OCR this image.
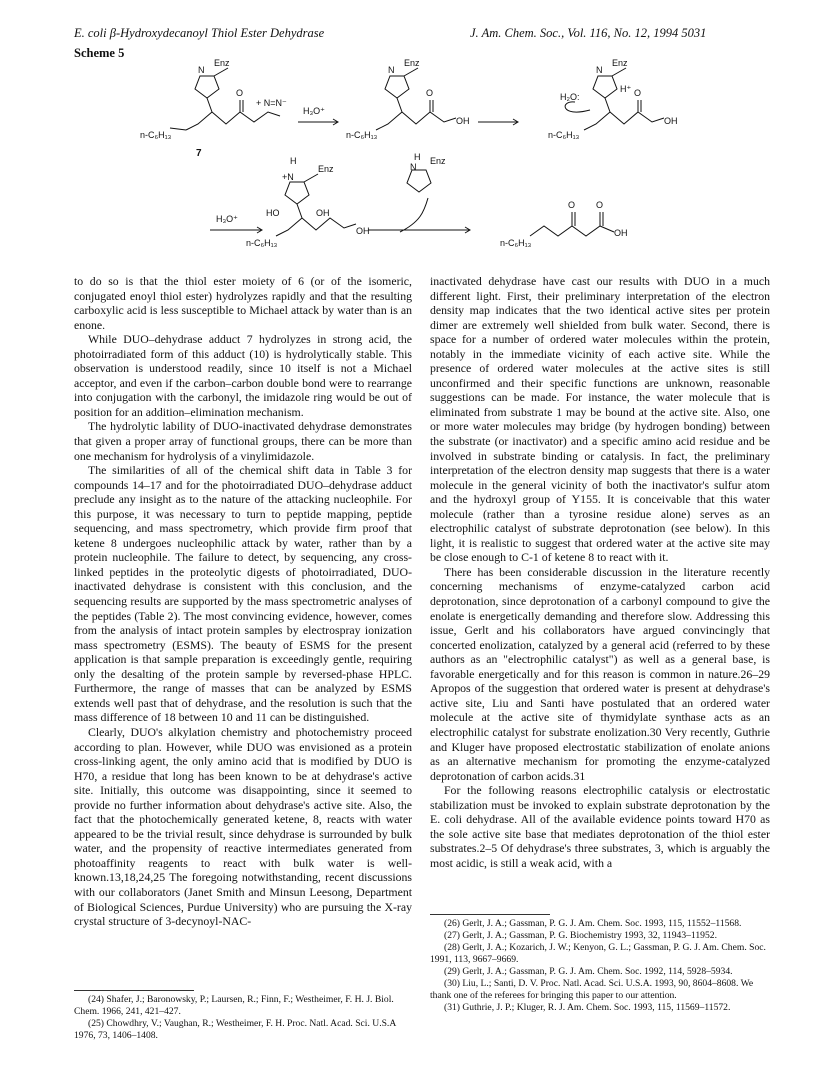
E. coli β-Hydroxydecanoyl Thiol Ester Dehydrase	J. Am. Chem. Soc., Vol. 116, No. 12, 1994 5031
Scheme 5
N
Enz
O
+ N=N⁻
n-C₆H₁₃
7
H₃O⁺
N
Enz
O
OH
n-C₆H₁₃
N
Enz
H⁺ O
OH
H₂O:
n-C₆H₁₃
H₃O⁺
H
+N
Enz
HO	OH
OH
n-C₆H₁₃
H
N
Enz
O O
OH
n-C₆H₁₃

to do so is that the thiol ester moiety of 6 (or of the isomeric, conjugated enoyl thiol ester) hydrolyzes rapidly and that the resulting carboxylic acid is less susceptible to Michael attack by water than is an enone.

While DUO–dehydrase adduct 7 hydrolyzes in strong acid, the photoirradiated form of this adduct (10) is hydrolytically stable. This observation is understood readily, since 10 itself is not a Michael acceptor, and even if the carbon–carbon double bond were to rearrange into conjugation with the carbonyl, the imidazole ring would be out of position for an addition–elimination mechanism.

The hydrolytic lability of DUO-inactivated dehydrase demonstrates that given a proper array of functional groups, there can be more than one mechanism for hydrolysis of a vinylimidazole.

The similarities of all of the chemical shift data in Table 3 for compounds 14–17 and for the photoirradiated DUO–dehydrase adduct preclude any insight as to the nature of the attacking nucleophile. For this purpose, it was necessary to turn to peptide mapping, peptide sequencing, and mass spectrometry, which provide firm proof that ketene 8 undergoes nucleophilic attack by water, rather than by a protein nucleophile. The failure to detect, by sequencing, any cross-linked peptides in the proteolytic digests of photoirradiated, DUO-inactivated dehydrase is consistent with this conclusion, and the sequencing results are supported by the mass spectrometric analyses of the peptides (Table 2). The most convincing evidence, however, comes from the analysis of intact protein samples by electrospray ionization mass spectrometry (ESMS). The beauty of ESMS for the present application is that sample preparation is exceedingly gentle, requiring only the desalting of the protein sample by reversed-phase HPLC. Furthermore, the range of masses that can be analyzed by ESMS extends well past that of dehydrase, and the resolution is such that the mass difference of 18 between 10 and 11 can be distinguished.

Clearly, DUO's alkylation chemistry and photochemistry proceed according to plan. However, while DUO was envisioned as a protein cross-linking agent, the only amino acid that is modified by DUO is H70, a residue that long has been known to be at dehydrase's active site. Initially, this outcome was disappointing, since it seemed to provide no further information about dehydrase's active site. Also, the fact that the photochemically generated ketene, 8, reacts with water appeared to be the trivial result, since dehydrase is surrounded by bulk water, and the propensity of reactive intermediates generated from photoaffinity reagents to react with bulk water is well-known.13,18,24,25 The foregoing notwithstanding, recent discussions with our collaborators (Janet Smith and Minsun Leesong, Department of Biological Sciences, Purdue University) who are pursuing the X-ray crystal structure of 3-decynoyl-NAC-

inactivated dehydrase have cast our results with DUO in a much different light. First, their preliminary interpretation of the electron density map indicates that the two identical active sites per protein dimer are extremely well shielded from bulk water. Second, there is space for a number of ordered water molecules within the protein, notably in the immediate vicinity of each active site. While the presence of ordered water molecules at the active sites is still unconfirmed and their specific functions are unknown, reasonable suggestions can be made. For instance, the water molecule that is eliminated from substrate 1 may be bound at the active site. Also, one or more water molecules may bridge (by hydrogen bonding) between the substrate (or inactivator) and a specific amino acid residue and be involved in substrate binding or catalysis. In fact, the preliminary interpretation of the electron density map suggests that there is a water molecule in the general vicinity of both the inactivator's sulfur atom and the hydroxyl group of Y155. It is conceivable that this water molecule (rather than a tyrosine residue alone) serves as an electrophilic catalyst of substrate deprotonation (see below). In this light, it is realistic to suggest that ordered water at the active site may be close enough to C-1 of ketene 8 to react with it.

There has been considerable discussion in the literature recently concerning mechanisms of enzyme-catalyzed carbon acid deprotonation, since deprotonation of a carbonyl compound to give the enolate is energetically demanding and therefore slow. Addressing this issue, Gerlt and his collaborators have argued convincingly that concerted enolization, catalyzed by a general acid (referred to by these authors as an "electrophilic catalyst") as well as a general base, is favorable energetically and for this reason is common in nature.26–29 Apropos of the suggestion that ordered water is present at dehydrase's active site, Liu and Santi have postulated that an ordered water molecule at the active site of thymidylate synthase acts as an electrophilic catalyst for substrate enolization.30 Very recently, Guthrie and Kluger have proposed electrostatic stabilization of enolate anions as an alternative mechanism for promoting the enzyme-catalyzed deprotonation of carbon acids.31

For the following reasons electrophilic catalysis or electrostatic stabilization must be invoked to explain substrate deprotonation by the E. coli dehydrase. All of the available evidence points toward H70 as the sole active site base that mediates deprotonation of the thiol ester substrates.2–5 Of dehydrase's three substrates, 3, which is arguably the most acidic, is still a weak acid, with a

(24) Shafer, J.; Baronowsky, P.; Laursen, R.; Finn, F.; Westheimer, F. H. J. Biol. Chem. 1966, 241, 421–427.
(25) Chowdhry, V.; Vaughan, R.; Westheimer, F. H. Proc. Natl. Acad. Sci. U.S.A 1976, 73, 1406–1408.
(26) Gerlt, J. A.; Gassman, P. G. J. Am. Chem. Soc. 1993, 115, 11552–11568.
(27) Gerlt, J. A.; Gassman, P. G. Biochemistry 1993, 32, 11943–11952.
(28) Gerlt, J. A.; Kozarich, J. W.; Kenyon, G. L.; Gassman, P. G. J. Am. Chem. Soc. 1991, 113, 9667–9669.
(29) Gerlt, J. A.; Gassman, P. G. J. Am. Chem. Soc. 1992, 114, 5928–5934.
(30) Liu, L.; Santi, D. V. Proc. Natl. Acad. Sci. U.S.A. 1993, 90, 8604–8608. We thank one of the referees for bringing this paper to our attention.
(31) Guthrie, J. P.; Kluger, R. J. Am. Chem. Soc. 1993, 115, 11569–11572.
